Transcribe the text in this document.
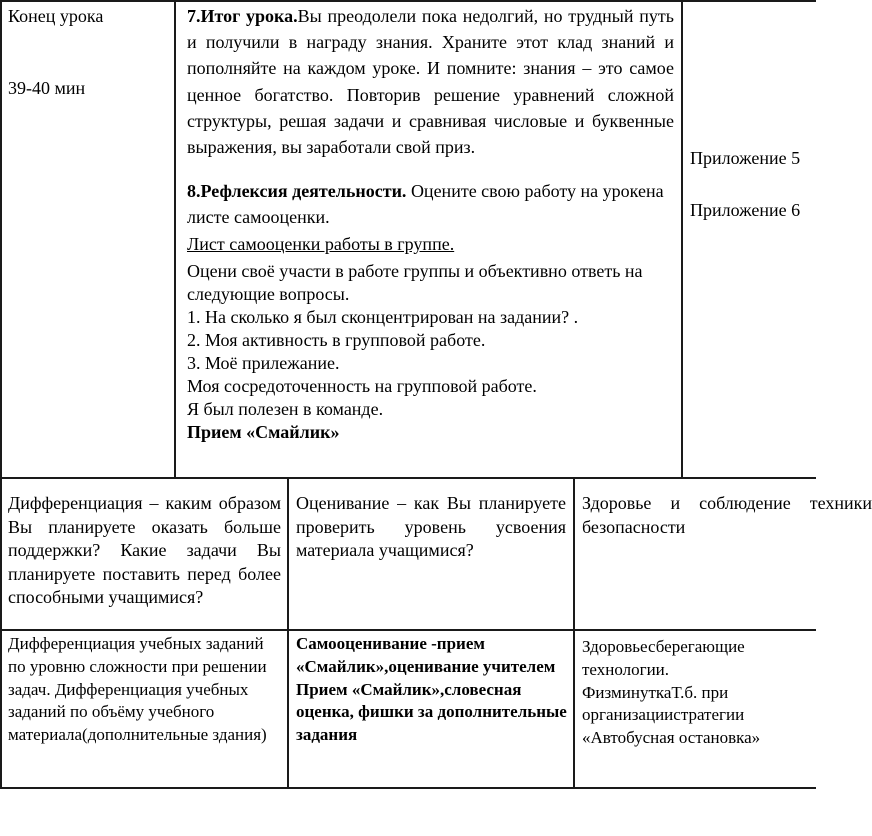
Конец урока

39-40 мин

7.Итог урока.Вы преодолели пока недолгий, но трудный путь и получили в награду знания. Храните этот клад знаний и пополняйте на каждом уроке. И помните: знания – это самое ценное богатство. Повторив решение уравнений сложной структуры, решая задачи и сравнивая числовые и буквенные выражения, вы заработали свой приз.

8.Рефлексия деятельности. Оцените свою работу на урокена листе самооценки.

Лист самооценки работы в группе.

Оцени своё участи в работе группы и объективно ответь на следующие вопросы.

1. На сколько я был сконцентрирован на задании? .

2. Моя активность в групповой работе.

3. Моё прилежание.

Моя сосредоточенность на групповой работе.

Я был полезен в команде.

Прием «Смайлик»

Приложение 5

Приложение 6

Дифференциация – каким образом Вы планируете оказать больше поддержки? Какие задачи Вы планируете поставить перед более способными учащимися?

Оценивание – как Вы планируете проверить уровень усвоения материала учащимися?

Здоровье и соблюдение техники безопасности

Дифференциация учебных заданий по уровню сложности при решении задач. Дифференциация учебных заданий по объёму учебного материала(дополнительные здания)

Самооценивание -прием «Смайлик»,оценивание учителем Прием «Смайлик»,словесная оценка, фишки за дополнительные задания

Здоровьесберегающие технологии.

ФизминуткаТ.б. при организациистратегии «Автобусная остановка»
